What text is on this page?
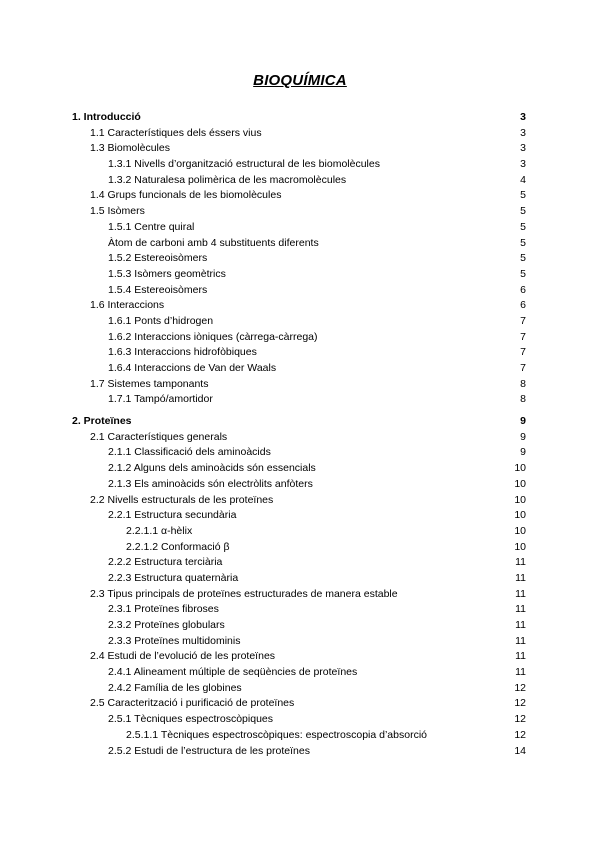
BIOQUÍMICA
1. Introducció	3
1.1 Característiques dels éssers vius	3
1.3 Biomolècules	3
1.3.1 Nivells d’organització estructural de les biomolècules	3
1.3.2 Naturalesa polimèrica de les macromolècules	4
1.4 Grups funcionals de les biomolècules	5
1.5 Isòmers	5
1.5.1 Centre quiral	5
Àtom de carboni amb 4 substituents diferents	5
1.5.2 Estereoisòmers	5
1.5.3 Isòmers geomètrics	5
1.5.4 Estereoisòmers	6
1.6 Interaccions	6
1.6.1 Ponts d’hidrogen	7
1.6.2 Interaccions iòniques (càrrega-càrrega)	7
1.6.3 Interaccions hidrofòbiques	7
1.6.4 Interaccions de Van der Waals	7
1.7 Sistemes tamponants	8
1.7.1 Tampó/amortidor	8
2. Proteïnes	9
2.1 Característiques generals	9
2.1.1 Classificació dels aminoàcids	9
2.1.2 Alguns dels aminoàcids són essencials	10
2.1.3 Els aminoàcids són electròlits anfòters	10
2.2 Nivells estructurals de les proteïnes	10
2.2.1 Estructura secundària	10
2.2.1.1 α-hèlix	10
2.2.1.2 Conformació β	10
2.2.2 Estructura terciària	11
2.2.3 Estructura quaternària	11
2.3 Tipus principals de proteïnes estructurades de manera estable	11
2.3.1 Proteïnes fibroses	11
2.3.2 Proteïnes globulars	11
2.3.3 Proteïnes multidominis	11
2.4 Estudi de l’evolució de les proteïnes	11
2.4.1 Alineament múltiple de seqüències de proteïnes	11
2.4.2 Família de les globines	12
2.5 Caracterització i purificació de proteïnes	12
2.5.1 Tècniques espectroscòpiques	12
2.5.1.1 Tècniques espectroscòpiques: espectroscopia d’absorció	12
2.5.2 Estudi de l’estructura de les proteïnes	14
